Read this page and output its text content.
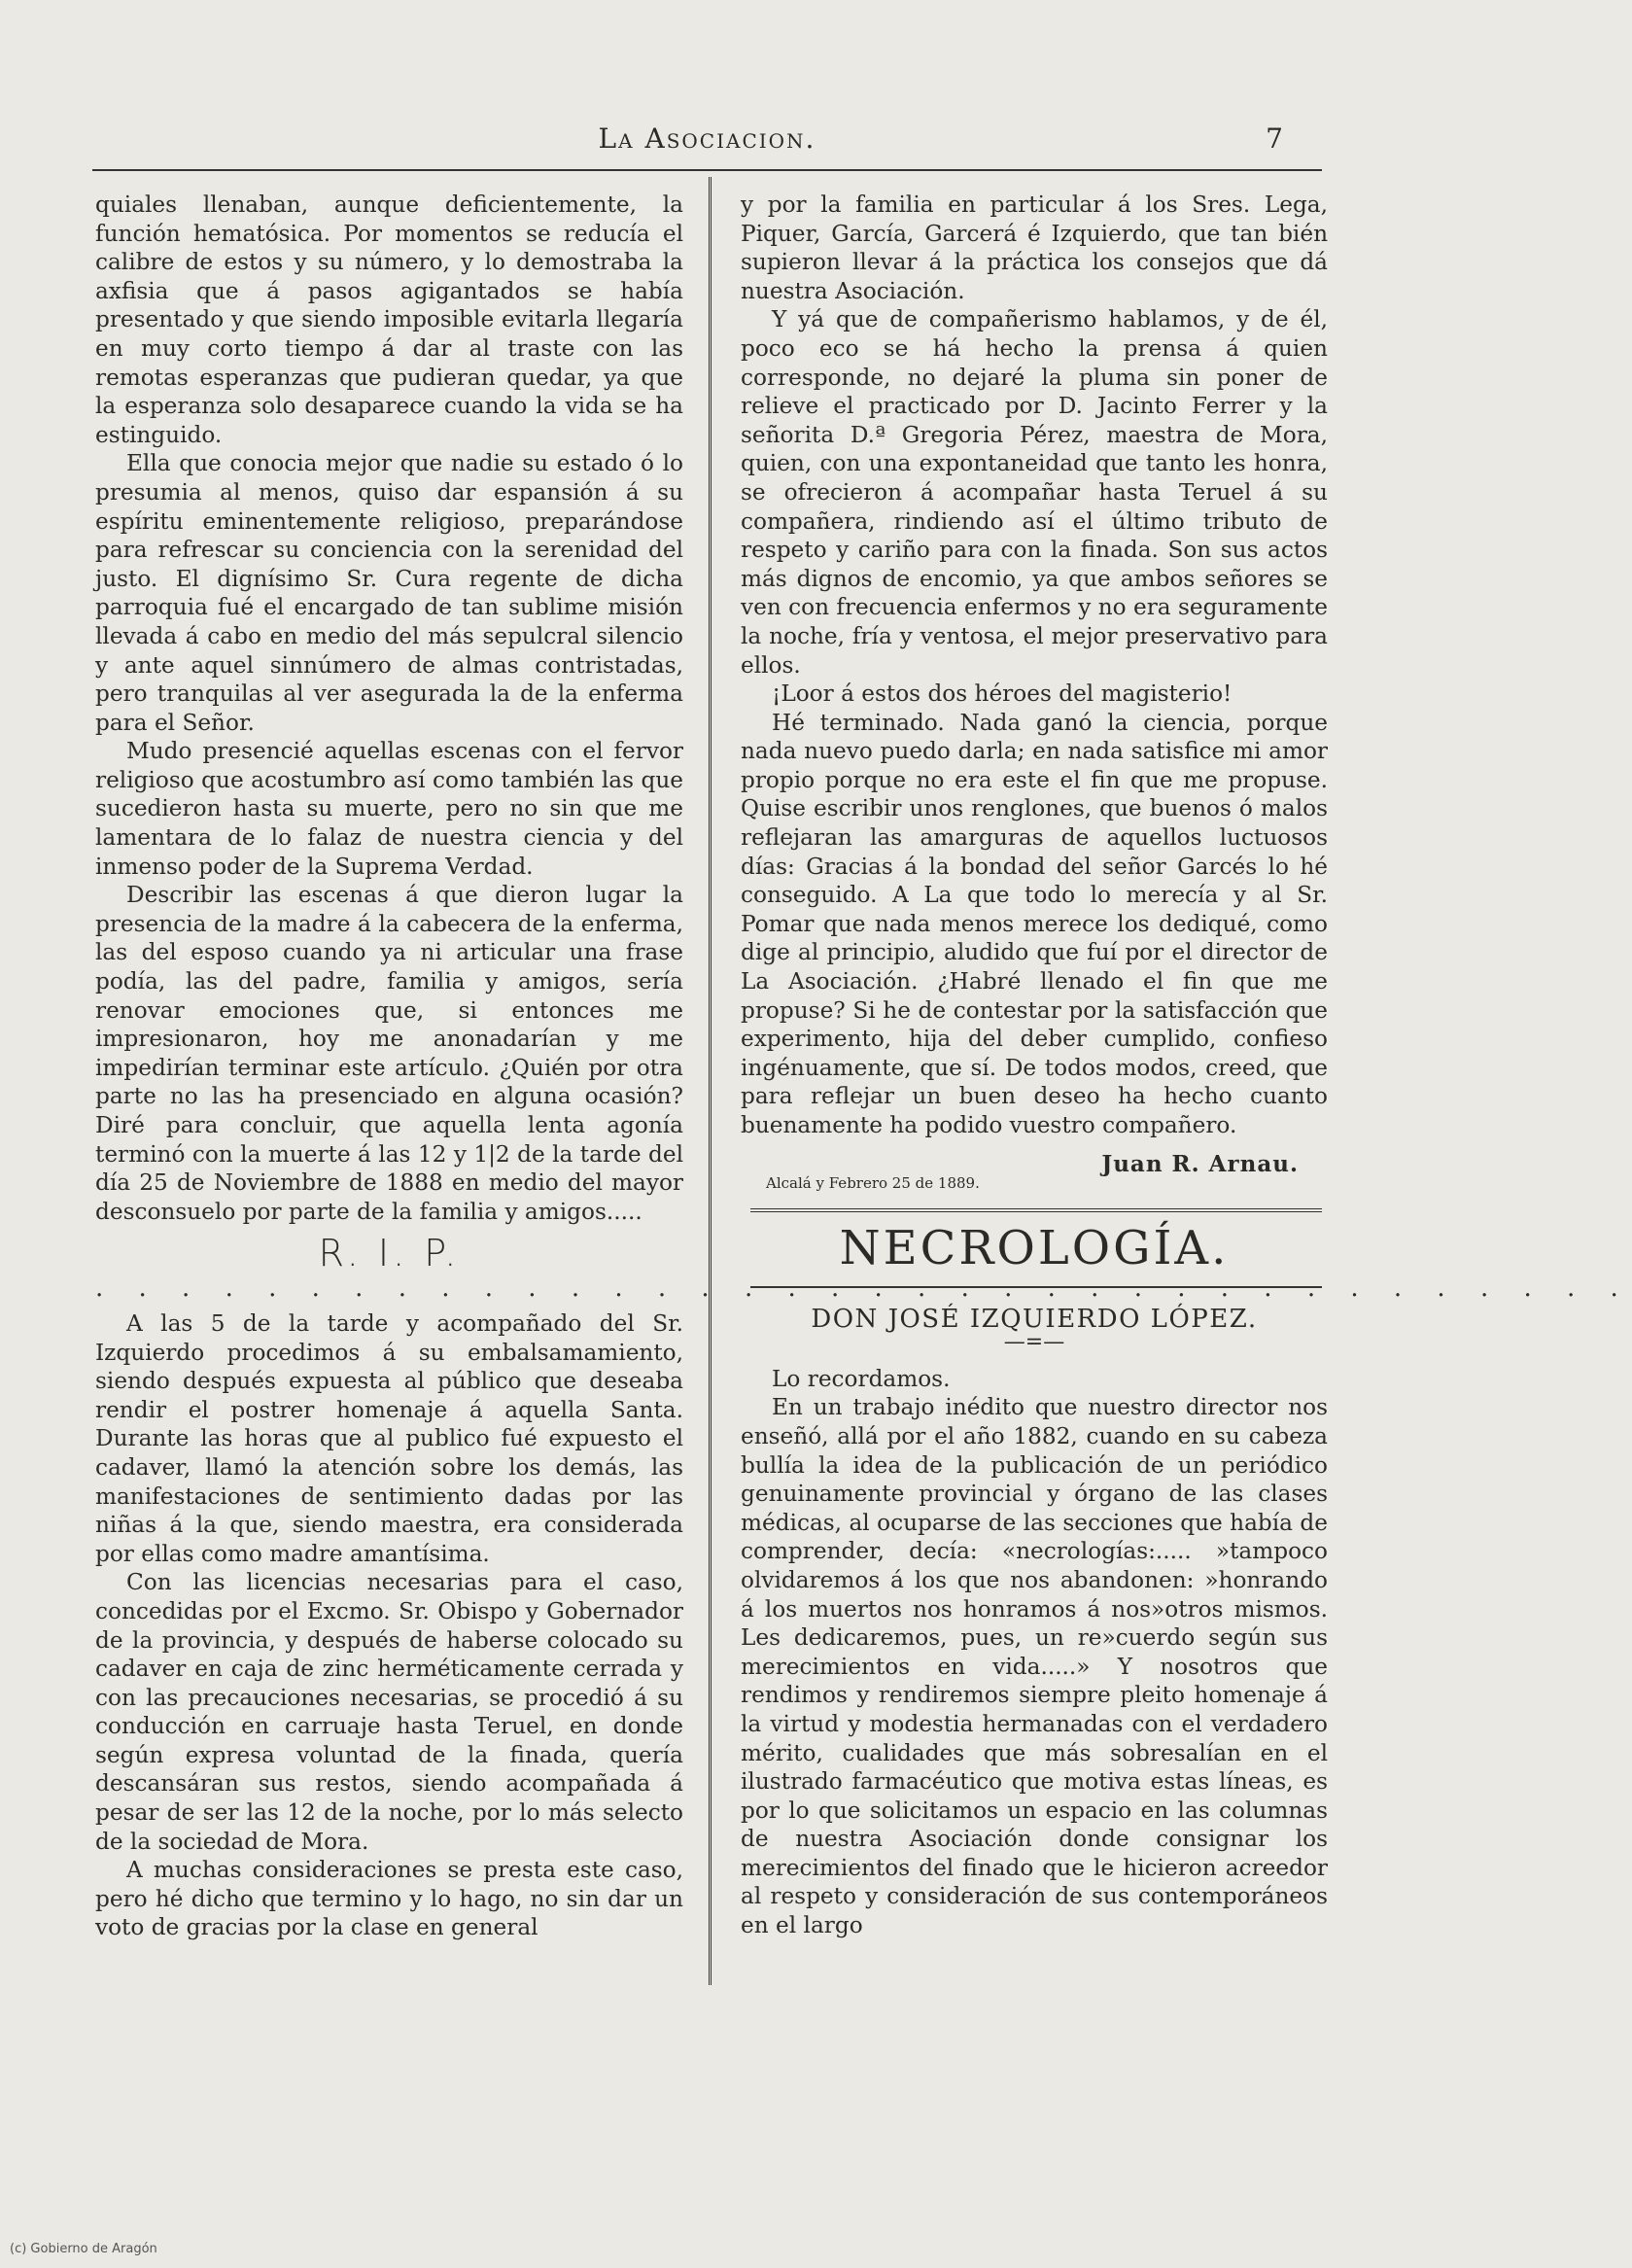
La Asociacion.	7

quiales llenaban, aunque deficientemente, la función hematósica. Por momentos se reducía el calibre de estos y su número, y lo demostraba la axfisia que á pasos agigantados se había presentado y que siendo imposible evitarla llegaría en muy corto tiempo á dar al traste con las remotas esperanzas que pudieran quedar, ya que la esperanza solo desaparece cuando la vida se ha estinguido.

Ella que conocia mejor que nadie su estado ó lo presumia al menos, quiso dar espansión á su espíritu eminentemente religioso, preparándose para refrescar su conciencia con la serenidad del justo. El dignísimo Sr. Cura regente de dicha parroquia fué el encargado de tan sublime misión llevada á cabo en medio del más sepulcral silencio y ante aquel sinnúmero de almas contristadas, pero tranquilas al ver asegurada la de la enferma para el Señor.

Mudo presencié aquellas escenas con el fervor religioso que acostumbro así como también las que sucedieron hasta su muerte, pero no sin que me lamentara de lo falaz de nuestra ciencia y del inmenso poder de la Suprema Verdad.

Describir las escenas á que dieron lugar la presencia de la madre á la cabecera de la enferma, las del esposo cuando ya ni articular una frase podía, las del padre, familia y amigos, sería renovar emociones que, si entonces me impresionaron, hoy me anonadarían y me impedirían terminar este artículo. ¿Quién por otra parte no las ha presenciado en alguna ocasión? Diré para concluir, que aquella lenta agonía terminó con la muerte á las 12 y 1|2 de la tarde del día 25 de Noviembre de 1888 en medio del mayor desconsuelo por parte de la familia y amigos.....

R. I. P.
. . . . . . . . . . . . . . . . . . . . . . . . . . . . . . . . . . . .

A las 5 de la tarde y acompañado del Sr. Izquierdo procedimos á su embalsamamiento, siendo después expuesta al público que deseaba rendir el postrer homenaje á aquella Santa. Durante las horas que al publico fué expuesto el cadaver, llamó la atención sobre los demás, las manifestaciones de sentimiento dadas por las niñas á la que, siendo maestra, era considerada por ellas como madre amantísima.

Con las licencias necesarias para el caso, concedidas por el Excmo. Sr. Obispo y Gobernador de la provincia, y después de haberse colocado su cadaver en caja de zinc herméticamente cerrada y con las precauciones necesarias, se procedió á su conducción en carruaje hasta Teruel, en donde según expresa voluntad de la finada, quería descansáran sus restos, siendo acompañada á pesar de ser las 12 de la noche, por lo más selecto de la sociedad de Mora.

A muchas consideraciones se presta este caso, pero hé dicho que termino y lo hago, no sin dar un voto de gracias por la clase en general

y por la familia en particular á los Sres. Lega, Piquer, García, Garcerá é Izquierdo, que tan bién supieron llevar á la práctica los consejos que dá nuestra Asociación.

Y yá que de compañerismo hablamos, y de él, poco eco se há hecho la prensa á quien corresponde, no dejaré la pluma sin poner de relieve el practicado por D. Jacinto Ferrer y la señorita D.ª Gregoria Pérez, maestra de Mora, quien, con una expontaneidad que tanto les honra, se ofrecieron á acompañar hasta Teruel á su compañera, rindiendo así el último tributo de respeto y cariño para con la finada. Son sus actos más dignos de encomio, ya que ambos señores se ven con frecuencia enfermos y no era seguramente la noche, fría y ventosa, el mejor preservativo para ellos.

¡Loor á estos dos héroes del magisterio!

Hé terminado. Nada ganó la ciencia, porque nada nuevo puedo darla; en nada satisfice mi amor propio porque no era este el fin que me propuse. Quise escribir unos renglones, que buenos ó malos reflejaran las amarguras de aquellos luctuosos días: Gracias á la bondad del señor Garcés lo hé conseguido. A La que todo lo merecía y al Sr. Pomar que nada menos merece los dediqué, como dige al principio, aludido que fuí por el director de La Asociación. ¿Habré llenado el fin que me propuse? Si he de contestar por la satisfacción que experimento, hija del deber cumplido, confieso ingénuamente, que sí. De todos modos, creed, que para reflejar un buen deseo ha hecho cuanto buenamente ha podido vuestro compañero.

Juan R. Arnau.
Alcalá y Febrero 25 de 1889.
NECROLOGÍA.
DON JOSÉ IZQUIERDO LÓPEZ.
—=—

Lo recordamos.

En un trabajo inédito que nuestro director nos enseñó, allá por el año 1882, cuando en su cabeza bullía la idea de la publicación de un periódico genuinamente provincial y órgano de las clases médicas, al ocuparse de las secciones que había de comprender, decía: «necrologías:..... »tampoco olvidaremos á los que nos abandonen: »honrando á los muertos nos honramos á nos»otros mismos. Les dedicaremos, pues, un re»cuerdo según sus merecimientos en vida.....» Y nosotros que rendimos y rendiremos siempre pleito homenaje á la virtud y modestia hermanadas con el verdadero mérito, cualidades que más sobresalían en el ilustrado farmacéutico que motiva estas líneas, es por lo que solicitamos un espacio en las columnas de nuestra Asociación donde consignar los merecimientos del finado que le hicieron acreedor al respeto y consideración de sus contemporáneos en el largo

(c) Gobierno de Aragón
